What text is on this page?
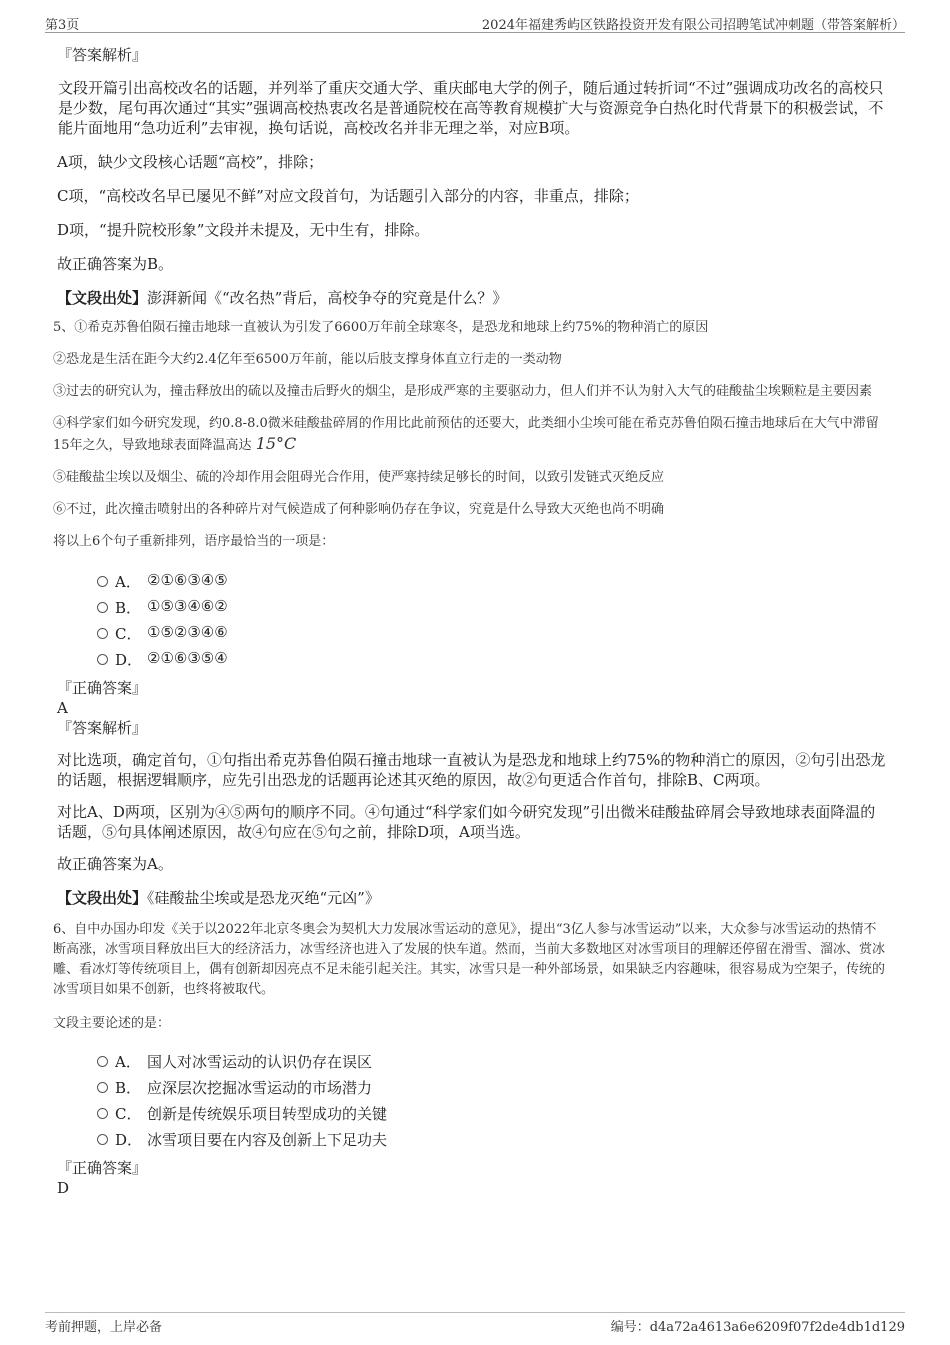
第3页	2024年福建秀屿区铁路投资开发有限公司招聘笔试冲刺题（带答案解析）
『答案解析』

文段开篇引出高校改名的话题，并列举了重庆交通大学、重庆邮电大学的例子，随后通过转折词“不过”强调成功改名的高校只是少数，尾句再次通过“其实”强调高校热衷改名是普通院校在高等教育规模扩大与资源竞争白热化时代背景下的积极尝试，不能片面地用“急功近利”去审视，换句话说，高校改名并非无理之举，对应B项。

A项，缺少文段核心话题“高校”，排除；

C项，“高校改名早已屡见不鲜”对应文段首句，为话题引入部分的内容，非重点，排除；

D项，“提升院校形象”文段并未提及，无中生有，排除。

故正确答案为B。

【文段出处】澎湃新闻《“改名热”背后，高校争夺的究竟是什么？》

5、①希克苏鲁伯陨石撞击地球一直被认为引发了6600万年前全球寒冬，是恐龙和地球上约75%的物种消亡的原因

②恐龙是生活在距今大约2.4亿年至6500万年前，能以后肢支撑身体直立行走的一类动物

③过去的研究认为，撞击释放出的硫以及撞击后野火的烟尘，是形成严寒的主要驱动力，但人们并不认为射入大气的硅酸盐尘埃颗粒是主要因素

④科学家们如今研究发现，约0.8-8.0微米硅酸盐碎屑的作用比此前预估的还要大，此类细小尘埃可能在希克苏鲁伯陨石撞击地球后在大气中滞留15年之久，导致地球表面降温高达 15°C

⑤硅酸盐尘埃以及烟尘、硫的冷却作用会阻碍光合作用，使严寒持续足够长的时间，以致引发链式灭绝反应

⑥不过，此次撞击喷射出的各种碎片对气候造成了何种影响仍存在争议，究竟是什么导致大灭绝也尚不明确

将以上6个句子重新排列，语序最恰当的一项是：

A． ②①⑥③④⑤
B． ①⑤③④⑥②
C． ①⑤②③④⑥
D． ②①⑥③⑤④

『正确答案』

A

『答案解析』

对比选项，确定首句，①句指出希克苏鲁伯陨石撞击地球一直被认为是恐龙和地球上约75%的物种消亡的原因，②句引出恐龙的话题，根据逻辑顺序，应先引出恐龙的话题再论述其灭绝的原因，故②句更适合作首句，排除B、C两项。

对比A、D两项，区别为④⑤两句的顺序不同。④句通过“科学家们如今研究发现”引出微米硅酸盐碎屑会导致地球表面降温的话题，⑤句具体阐述原因，故④句应在⑤句之前，排除D项，A项当选。

故正确答案为A。

【文段出处】《硅酸盐尘埃或是恐龙灭绝“元凶”》

6、自中办国办印发《关于以2022年北京冬奥会为契机大力发展冰雪运动的意见》，提出“3亿人参与冰雪运动”以来，大众参与冰雪运动的热情不断高涨，冰雪项目释放出巨大的经济活力，冰雪经济也进入了发展的快车道。然而，当前大多数地区对冰雪项目的理解还停留在滑雪、溜冰、赏冰雕、看冰灯等传统项目上，偶有创新却因亮点不足未能引起关注。其实，冰雪只是一种外部场景，如果缺乏内容趣味，很容易成为空架子，传统的冰雪项目如果不创新，也终将被取代。

文段主要论述的是：

A． 国人对冰雪运动的认识仍存在误区
B． 应深层次挖掘冰雪运动的市场潜力
C． 创新是传统娱乐项目转型成功的关键
D． 冰雪项目要在内容及创新上下足功夫

『正确答案』

D

考前押题，上岸必备	编号：d4a72a4613a6e6209f07f2de4db1d129
